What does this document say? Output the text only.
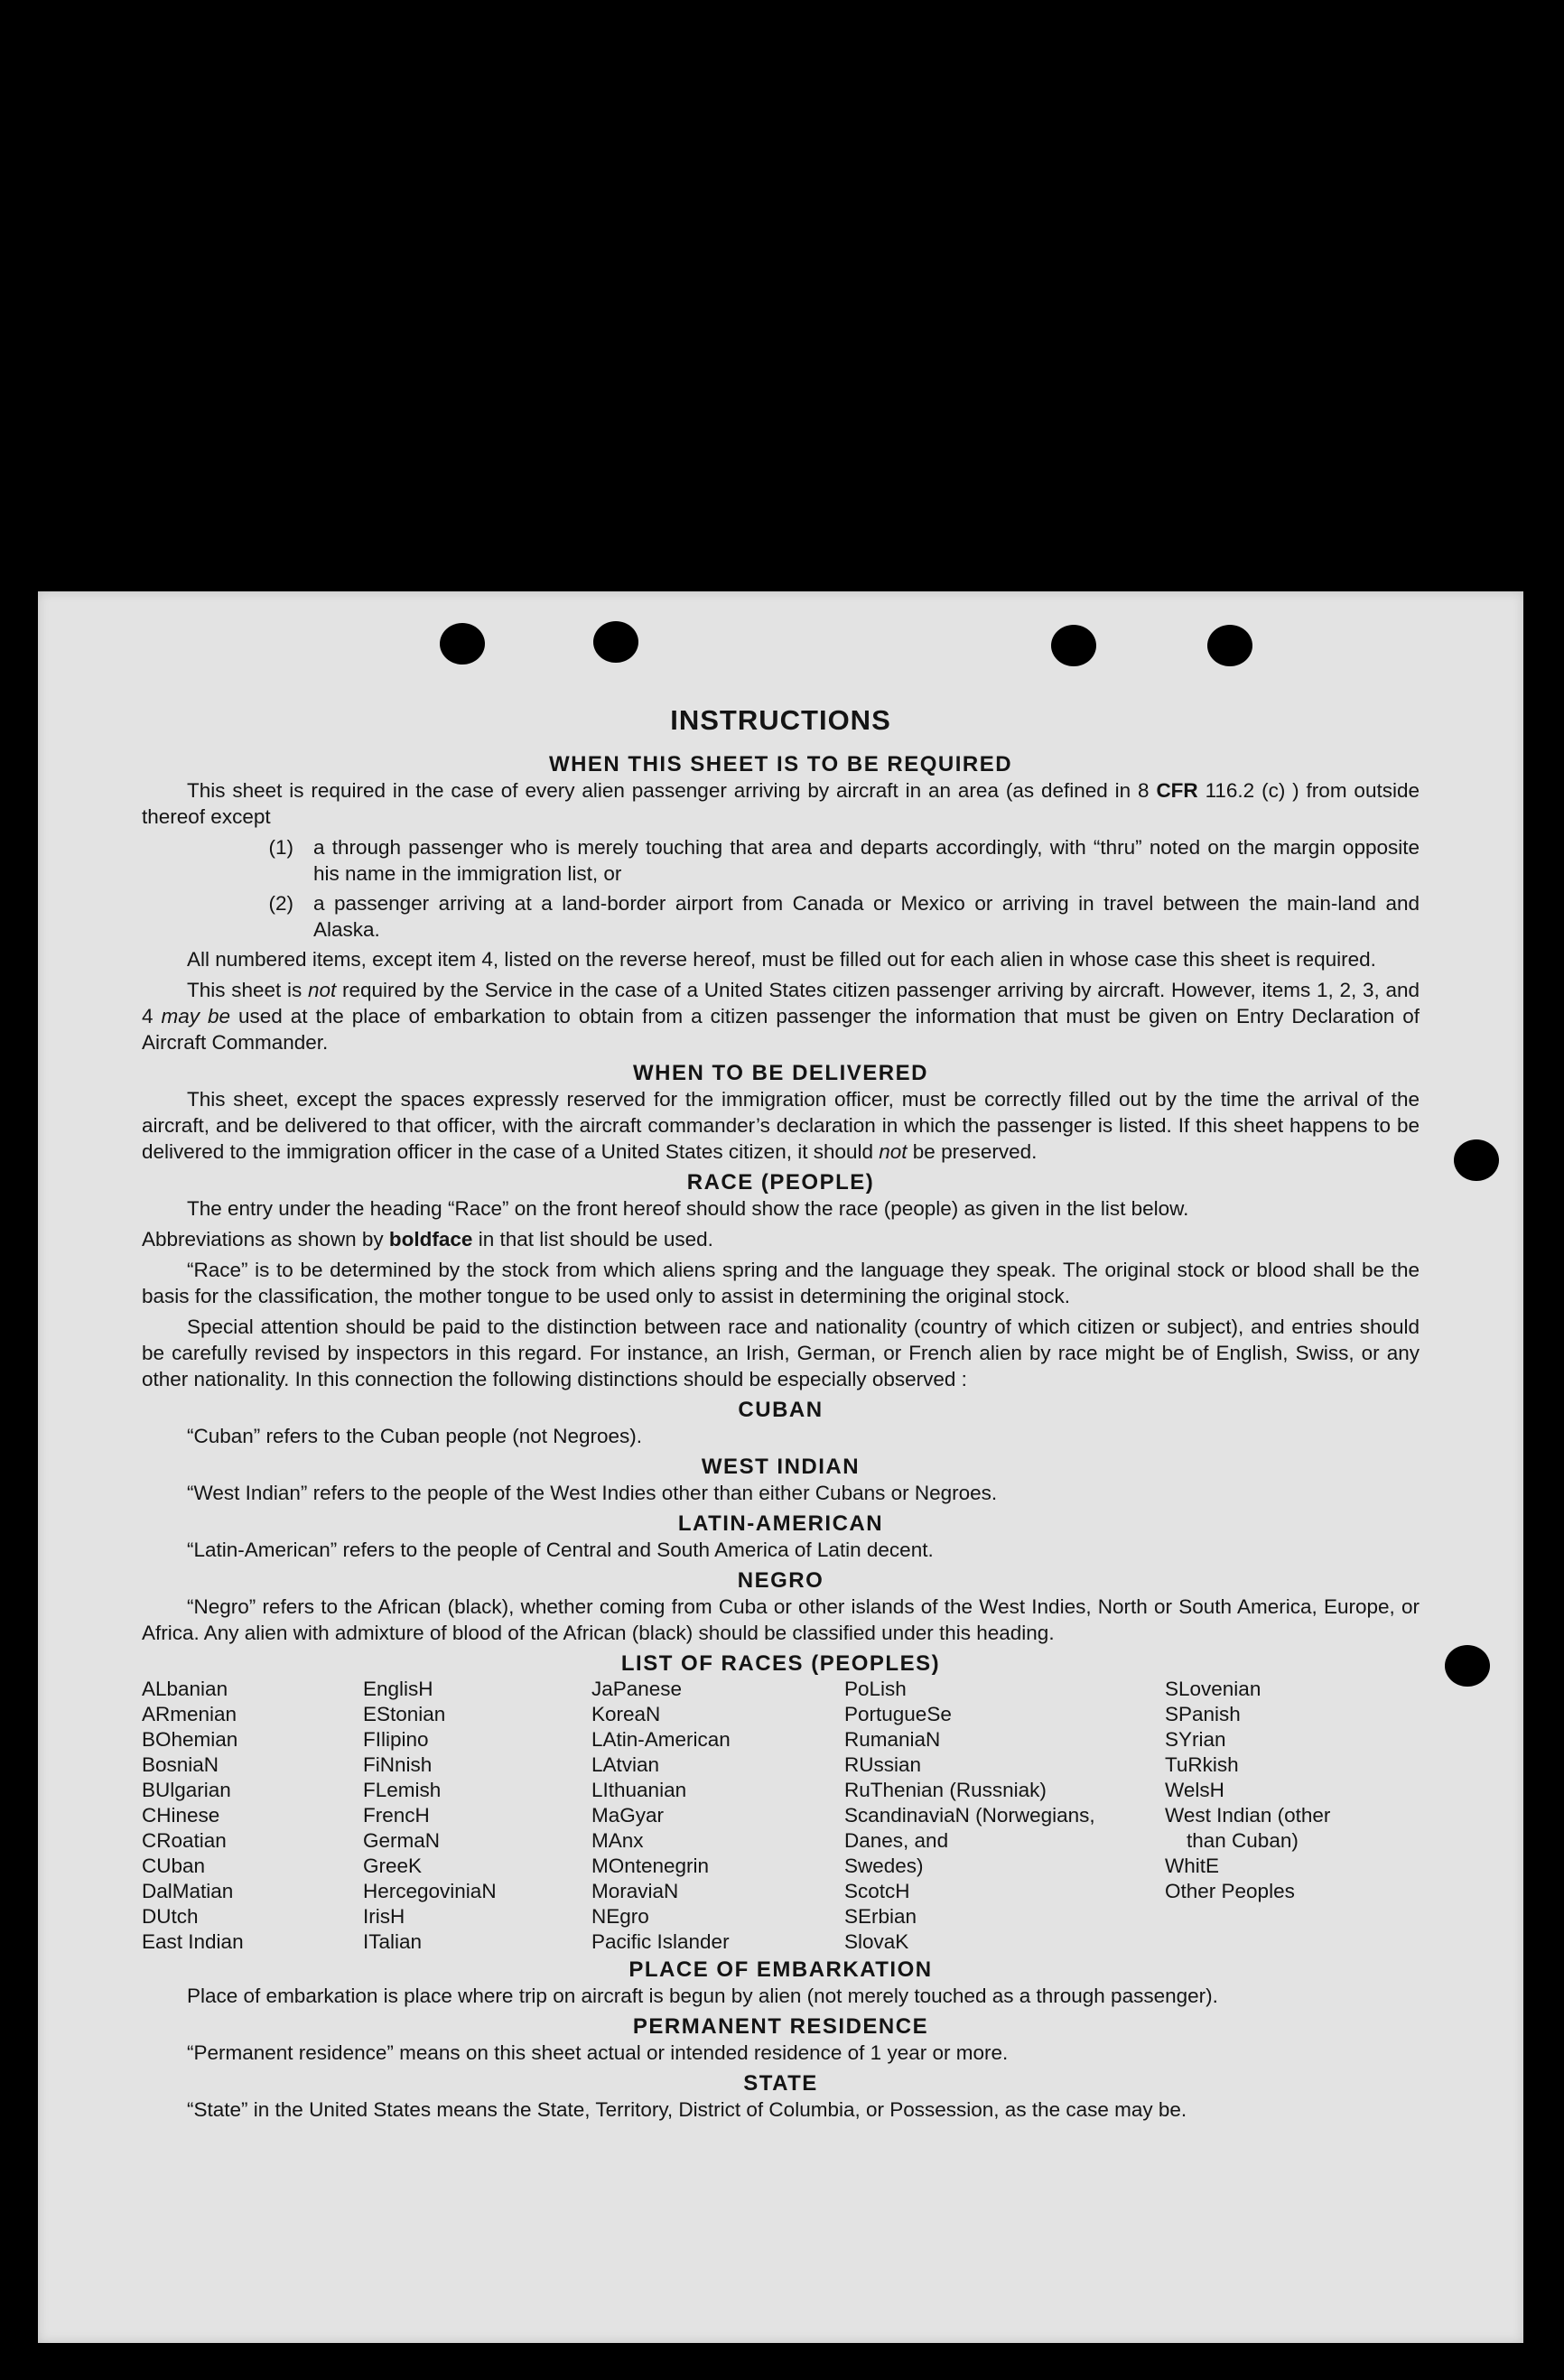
INSTRUCTIONS
WHEN THIS SHEET IS TO BE REQUIRED

This sheet is required in the case of every alien passenger arriving by aircraft in an area (as defined in 8 CFR 116.2 (c) ) from outside thereof except

(1) a through passenger who is merely touching that area and departs accordingly, with “thru” noted on the margin opposite his name in the immigration list, or
(2) a passenger arriving at a land-border airport from Canada or Mexico or arriving in travel between the main-land and Alaska.

All numbered items, except item 4, listed on the reverse hereof, must be filled out for each alien in whose case this sheet is required.

This sheet is not required by the Service in the case of a United States citizen passenger arriving by aircraft. However, items 1, 2, 3, and 4 may be used at the place of embarkation to obtain from a citizen passenger the information that must be given on Entry Declaration of Aircraft Commander.

WHEN TO BE DELIVERED

This sheet, except the spaces expressly reserved for the immigration officer, must be correctly filled out by the time the arrival of the aircraft, and be delivered to that officer, with the aircraft commander’s declaration in which the passenger is listed. If this sheet happens to be delivered to the immigration officer in the case of a United States citizen, it should not be preserved.

RACE (PEOPLE)

The entry under the heading “Race” on the front hereof should show the race (people) as given in the list below.

Abbreviations as shown by boldface in that list should be used.

“Race” is to be determined by the stock from which aliens spring and the language they speak. The original stock or blood shall be the basis for the classification, the mother tongue to be used only to assist in determining the original stock.

Special attention should be paid to the distinction between race and nationality (country of which citizen or subject), and entries should be carefully revised by inspectors in this regard. For instance, an Irish, German, or French alien by race might be of English, Swiss, or any other nationality. In this connection the following distinctions should be especially observed :

CUBAN

“Cuban” refers to the Cuban people (not Negroes).

WEST INDIAN

“West Indian” refers to the people of the West Indies other than either Cubans or Negroes.

LATIN-AMERICAN

“Latin-American” refers to the people of Central and South America of Latin decent.

NEGRO

“Negro” refers to the African (black), whether coming from Cuba or other islands of the West Indies, North or South America, Europe, or Africa. Any alien with admixture of blood of the African (black) should be classified under this heading.

LIST OF RACES (PEOPLES)
ALbanian
ARmenian
BOhemian
BosniaN
BUlgarian
CHinese
CRoatian
CUban
DalMatian
DUtch
East Indian
EnglisH
EStonian
FIlipino
FiNnish
FLemish
FrencH
GermaN
GreeK
HercegoviniaN
IrisH
ITalian
JaPanese
KoreaN
LAtin-American
LAtvian
LIthuanian
MaGyar
MAnx
MOntenegrin
MoraviaN
NEgro
Pacific Islander
PoLish
PortugueSe
RumaniaN
RUssian
RuThenian (Russniak)
ScandinaviaN (Norwegians,
Danes, and
Swedes)
ScotcH
SErbian
SlovaK
SLovenian
SPanish
SYrian
TuRkish
WelsH
West Indian (other
than Cuban)
WhitE
Other Peoples
PLACE OF EMBARKATION

Place of embarkation is place where trip on aircraft is begun by alien (not merely touched as a through passenger).

PERMANENT RESIDENCE

“Permanent residence” means on this sheet actual or intended residence of 1 year or more.

STATE

“State” in the United States means the State, Territory, District of Columbia, or Possession, as the case may be.
